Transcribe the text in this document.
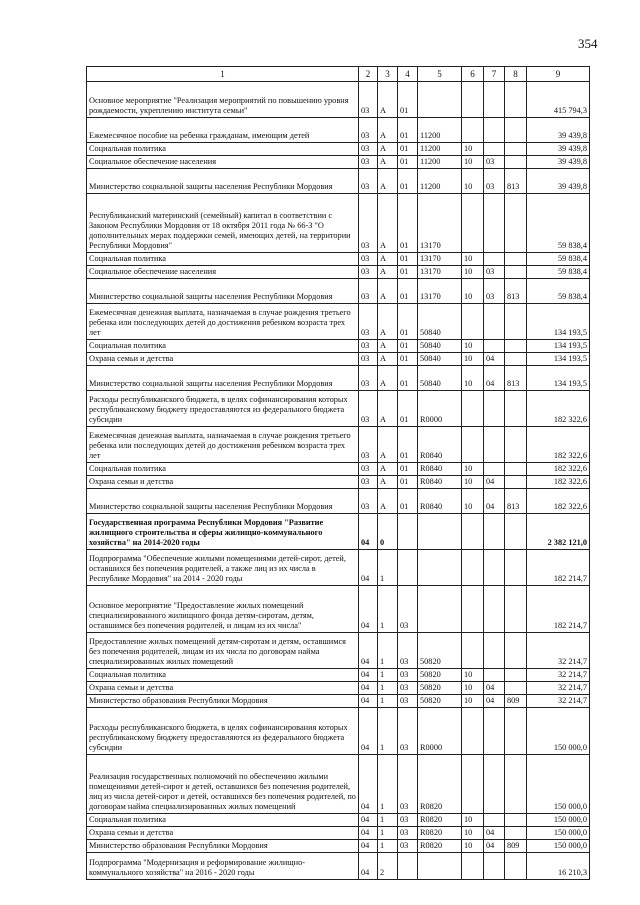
354
1	2	3	4	5	6	7	8	9
Основное мероприятие "Реализация мероприятий по повышению уровня рождаемости, укреплению института семьи"	03	А	01					415 794,3
Ежемесячное пособие на ребенка гражданам, имеющим детей	03	А	01	11200				39 439,8
Социальная политика	03	А	01	11200	10			39 439,8
Социальное обеспечение населения	03	А	01	11200	10	03		39 439,8
Министерство социальной защиты населения Республики Мордовия	03	А	01	11200	10	03	813	39 439,8
Республиканский материнский (семейный) капитал в соответствии с Законом Республики Мордовия от 18 октября 2011 года № 66-З "О дополнительных мерах поддержки семей, имеющих детей, на территории Республики Мордовия"	03	А	01	13170				59 838,4
Социальная политика	03	А	01	13170	10			59 838,4
Социальное обеспечение населения	03	А	01	13170	10	03		59 838,4
Министерство социальной защиты населения Республики Мордовия	03	А	01	13170	10	03	813	59 838,4
Ежемесячная денежная выплата, назначаемая в случае рождения третьего ребенка или последующих детей до достижения ребенком возраста трех лет	03	А	01	50840				134 193,5
Социальная политика	03	А	01	50840	10			134 193,5
Охрана семьи и детства	03	А	01	50840	10	04		134 193,5
Министерство социальной защиты населения Республики Мордовия	03	А	01	50840	10	04	813	134 193,5
Расходы республиканского бюджета, в целях софинансирования которых республиканскому бюджету предоставляются из федерального бюджета субсидии	03	А	01	R0000				182 322,6
Ежемесячная денежная выплата, назначаемая в случае рождения третьего ребенка или последующих детей до достижения ребенком возраста трех лет	03	А	01	R0840				182 322,6
Социальная политика	03	А	01	R0840	10			182 322,6
Охрана семьи и детства	03	А	01	R0840	10	04		182 322,6
Министерство социальной защиты населения Республики Мордовия	03	А	01	R0840	10	04	813	182 322,6
Государственная программа Республики Мордовия "Развитие жилищного строительства и сферы жилищно-коммунального хозяйства" на 2014-2020 годы	04	0						2 382 121,0
Подпрограмма "Обеспечение жилыми помещениями детей-сирот, детей, оставшихся без попечения родителей, а также лиц из их числа в Республике Мордовия" на 2014 - 2020 годы	04	1						182 214,7
Основное мероприятие "Предоставление жилых помещений специализированного жилищного фонда детям-сиротам, детям, оставшимся без попечения родителей, и лицам из их числа"	04	1	03					182 214,7
Предоставление жилых помещений детям-сиротам и детям, оставшимся без попечения родителей, лицам из их числа по договорам найма специализированных жилых помещений	04	1	03	50820				32 214,7
Социальная политика	04	1	03	50820	10			32 214,7
Охрана семьи и детства	04	1	03	50820	10	04		32 214,7
Министерство образования Республики Мордовия	04	1	03	50820	10	04	809	32 214,7
Расходы республиканского бюджета, в целях софинансирования которых республиканскому бюджету предоставляются из федерального бюджета субсидии	04	1	03	R0000				150 000,0
Реализация государственных полномочий по обеспечению жилыми помещениями детей-сирот и детей, оставшихся без попечения родителей, лиц из числа детей-сирот и детей, оставшихся без попечения родителей, по договорам найма специализированных жилых помещений	04	1	03	R0820				150 000,0
Социальная политика	04	1	03	R0820	10			150 000,0
Охрана семьи и детства	04	1	03	R0820	10	04		150 000,0
Министерство образования Республики Мордовия	04	1	03	R0820	10	04	809	150 000,0
Подпрограмма "Модернизация и реформирование жилищно-коммунального хозяйства" на 2016 - 2020 годы	04	2						16 210,3
